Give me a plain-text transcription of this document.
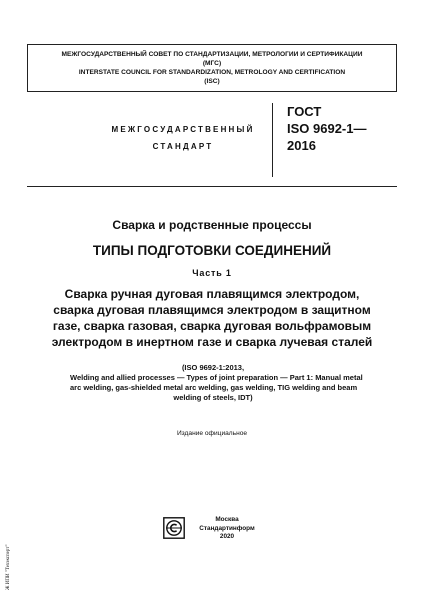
МЕЖГОСУДАРСТВЕННЫЙ СОВЕТ ПО СТАНДАРТИЗАЦИИ, МЕТРОЛОГИИ И СЕРТИФИКАЦИИ
(МГС)
INTERSTATE COUNCIL FOR STANDARDIZATION, METROLOGY AND CERTIFICATION
(ISC)
МЕЖГОСУДАРСТВЕННЫЙ
СТАНДАРТ
ГОСТ
ISO 9692-1—
2016
Сварка и родственные процессы
ТИПЫ ПОДГОТОВКИ СОЕДИНЕНИЙ
Часть 1
Сварка ручная дуговая плавящимся электродом,
сварка дуговая плавящимся электродом в защитном
газе, сварка газовая, сварка дуговая вольфрамовым
электродом в инертном газе и сварка лучевая сталей
(ISO 9692-1:2013,
Welding and allied processes — Types of joint preparation — Part 1: Manual metal
arc welding, gas-shielded metal arc welding, gas welding, TIG welding and beam
welding of steels, IDT)
Издание официальное
Москва
Стандартинформ
2020
Ж ИПИ "Техэксперт"
